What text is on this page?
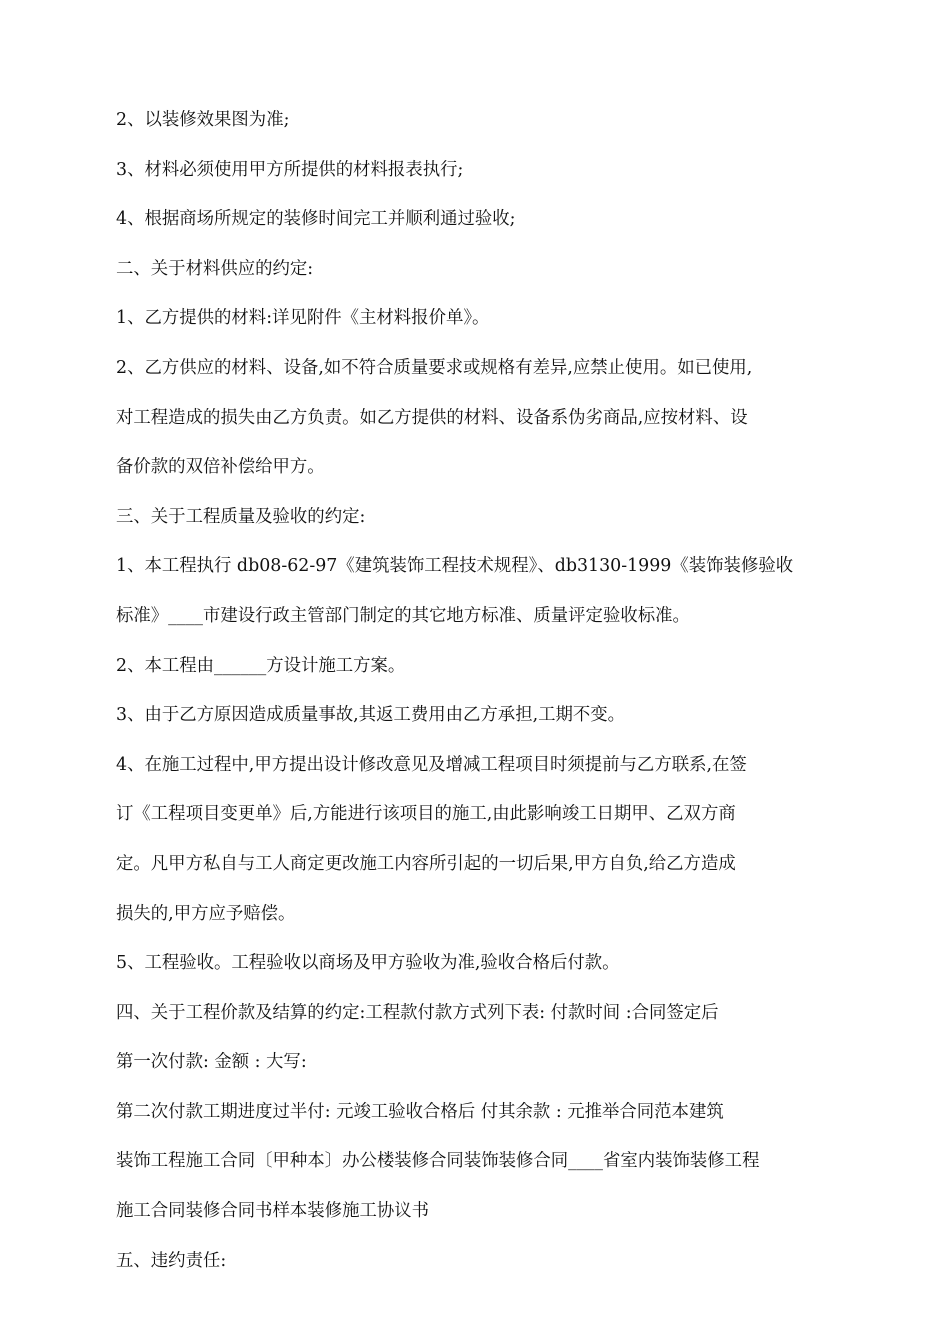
2、以装修效果图为准;
3、材料必须使用甲方所提供的材料报表执行;
4、根据商场所规定的装修时间完工并顺利通过验收;
二、关于材料供应的约定:
1、乙方提供的材料:详见附件《主材料报价单》。
2、乙方供应的材料、设备,如不符合质量要求或规格有差异,应禁止使用。如已使用,
对工程造成的损失由乙方负责。如乙方提供的材料、设备系伪劣商品,应按材料、设
备价款的双倍补偿给甲方。
三、关于工程质量及验收的约定:
1、本工程执行 db08-62-97《建筑装饰工程技术规程》、db3130-1999《装饰装修验收
标准》____市建设行政主管部门制定的其它地方标准、质量评定验收标准。
2、本工程由______方设计施工方案。
3、由于乙方原因造成质量事故,其返工费用由乙方承担,工期不变。
4、在施工过程中,甲方提出设计修改意见及增减工程项目时须提前与乙方联系,在签
订《工程项目变更单》后,方能进行该项目的施工,由此影响竣工日期甲、乙双方商
定。凡甲方私自与工人商定更改施工内容所引起的一切后果,甲方自负,给乙方造成
损失的,甲方应予赔偿。
5、工程验收。工程验收以商场及甲方验收为准,验收合格后付款。
四、关于工程价款及结算的约定:工程款付款方式列下表: 付款时间 :合同签定后
第一次付款: 金额 : 大写:
第二次付款工期进度过半付: 元竣工验收合格后 付其余款 : 元推举合同范本建筑
装饰工程施工合同〔甲种本〕办公楼装修合同装饰装修合同____省室内装饰装修工程
施工合同装修合同书样本装修施工协议书
五、违约责任:
